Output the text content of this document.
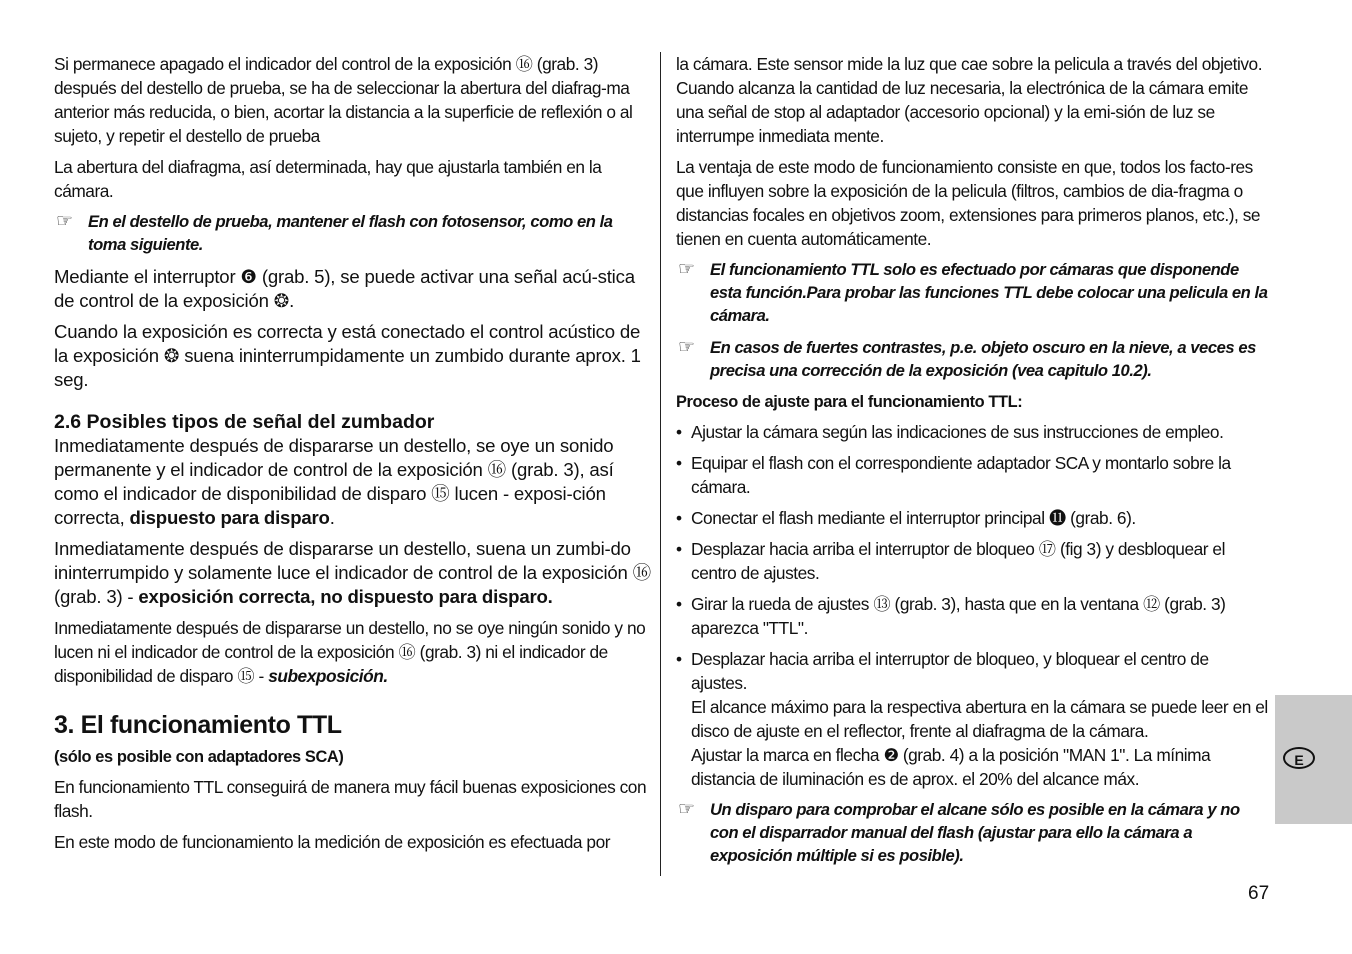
Si permanece apagado el indicador del control de la exposición ⑯ (grab. 3) después del destello de prueba, se ha de seleccionar la abertura del diafrag-ma anterior más reducida, o bien, acortar la distancia a la superficie de reflexión o al sujeto, y repetir el destello de prueba

La abertura del diafragma, así determinada, hay que ajustarla también en la cámara.

☞ En el destello de prueba, mantener el flash con fotosensor, como en la toma siguiente.

Mediante el interruptor ❻ (grab. 5), se puede activar una señal acú-stica de control de la exposición ❂.

Cuando la exposición es correcta y está conectado el control acústico de la exposición ❂ suena ininterrumpidamente un zumbido durante aprox. 1 seg.

2.6 Posibles tipos de señal del zumbador

Inmediatamente después de dispararse un destello, se oye un sonido permanente y el indicador de control de la exposición ⑯ (grab. 3), así como el indicador de disponibilidad de disparo ⑮ lucen - exposi-ción correcta, dispuesto para disparo.

Inmediatamente después de dispararse un destello, suena un zumbi-do ininterrumpido y solamente luce el indicador de control de la exposición ⑯ (grab. 3) - exposición correcta, no dispuesto para disparo.

Inmediatamente después de dispararse un destello, no se oye ningún sonido y no lucen ni el indicador de control de la exposición ⑯ (grab. 3) ni el indicador de disponibilidad de disparo ⑮ - subexposición.

3. El funcionamiento TTL
(sólo es posible con adaptadores SCA)

En funcionamiento TTL conseguirá de manera muy fácil buenas exposiciones con flash.

En este modo de funcionamiento la medición de exposición es efectuada por

la cámara. Este sensor mide la luz que cae sobre la pelicula a través del objetivo. Cuando alcanza la cantidad de luz necesaria, la electrónica de la cámara emite una señal de stop al adaptador (accesorio opcional) y la emi-sión de luz se interrumpe inmediata mente.

La ventaja de este modo de funcionamiento consiste en que, todos los facto-res que influyen sobre la exposición de la pelicula (filtros, cambios de dia-fragma o distancias focales en objetivos zoom, extensiones para primeros planos, etc.), se tienen en cuenta automáticamente.

☞ El funcionamiento TTL solo es efectuado por cámaras que disponende esta función.Para probar las funciones TTL debe colocar una pelicula en la cámara.
☞ En casos de fuertes contrastes, p.e. objeto oscuro en la nieve, a veces es precisa una corrección de la exposición (vea capitulo 10.2).
Proceso de ajuste para el funcionamiento TTL:
• Ajustar la cámara según las indicaciones de sus instrucciones de empleo.
• Equipar el flash con el correspondiente adaptador SCA y montarlo sobre la cámara.
• Conectar el flash mediante el interruptor principal ⓫ (grab. 6).
• Desplazar hacia arriba el interruptor de bloqueo ⑰ (fig 3) y desbloquear el centro de ajustes.
• Girar la rueda de ajustes ⑬ (grab. 3), hasta que en la ventana ⑫ (grab. 3) aparezca "TTL".
• Desplazar hacia arriba el interruptor de bloqueo, y bloquear el centro de ajustes.
El alcance máximo para la respectiva abertura en la cámara se puede leer en el disco de ajuste en el reflector, frente al diafragma de la cámara.
Ajustar la marca en flecha ❷ (grab. 4) a la posición "MAN 1". La mínima distancia de iluminación es de aprox. el 20% del alcance máx.
☞ Un disparo para comprobar el alcane sólo es posible en la cámara y no con el disparrador manual del flash (ajustar para ello la cámara a exposición múltiple si es posible).
E
67
